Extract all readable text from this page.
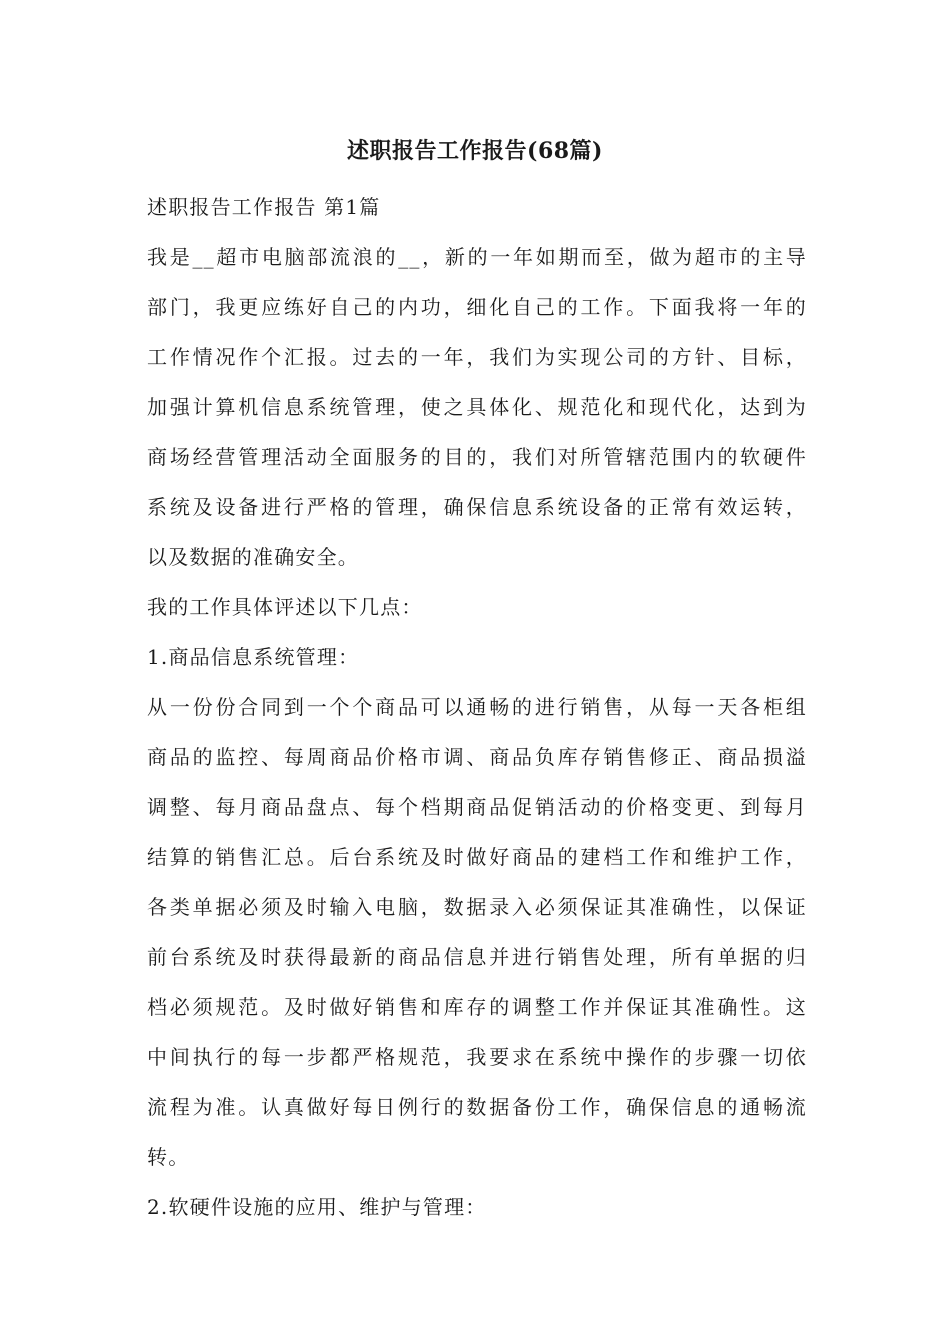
述职报告工作报告(68篇)
述职报告工作报告 第1篇
我是__超市电脑部流浪的__，新的一年如期而至，做为超市的主导
部门，我更应练好自己的内功，细化自己的工作。下面我将一年的
工作情况作个汇报。过去的一年，我们为实现公司的方针、目标，
加强计算机信息系统管理，使之具体化、规范化和现代化，达到为
商场经营管理活动全面服务的目的，我们对所管辖范围内的软硬件
系统及设备进行严格的管理，确保信息系统设备的正常有效运转，
以及数据的准确安全。
我的工作具体评述以下几点：
1.商品信息系统管理：
从一份份合同到一个个商品可以通畅的进行销售，从每一天各柜组
商品的监控、每周商品价格市调、商品负库存销售修正、商品损溢
调整、每月商品盘点、每个档期商品促销活动的价格变更、到每月
结算的销售汇总。后台系统及时做好商品的建档工作和维护工作，
各类单据必须及时输入电脑，数据录入必须保证其准确性，以保证
前台系统及时获得最新的商品信息并进行销售处理，所有单据的归
档必须规范。及时做好销售和库存的调整工作并保证其准确性。这
中间执行的每一步都严格规范，我要求在系统中操作的步骤一切依
流程为准。认真做好每日例行的数据备份工作，确保信息的通畅流
转。
2.软硬件设施的应用、维护与管理：
